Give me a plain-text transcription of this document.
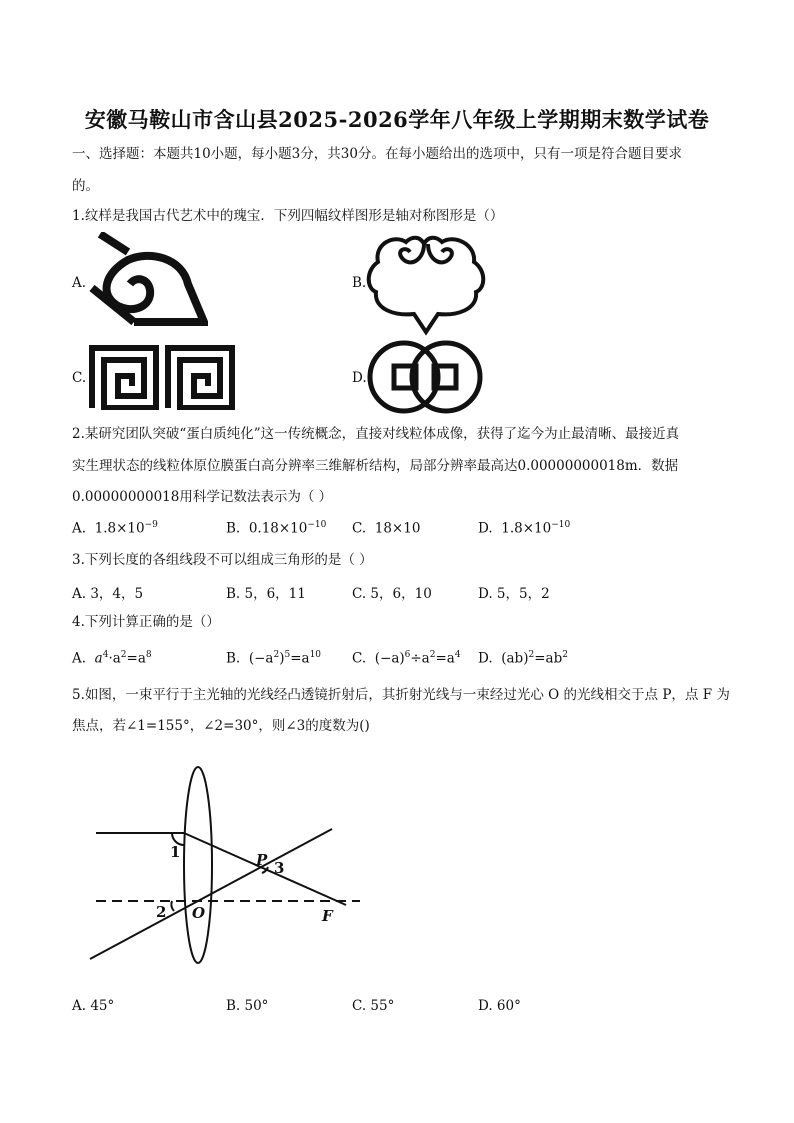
安徽马鞍山市含山县2025-2026学年八年级上学期期末数学试卷
一、选择题：本题共10小题，每小题3分，共30分。在每小题给出的选项中，只有一项是符合题目要求
的。
1.纹样是我国古代艺术中的瑰宝．下列四幅纹样图形是轴对称图形是（）
A.	B.
C.	D.
2.某研究团队突破“蛋白质纯化”这一传统概念，直接对线粒体成像，获得了迄今为止最清晰、最接近真
实生理状态的线粒体原位膜蛋白高分辨率三维解析结构，局部分辨率最高达0.00000000018m．数据
0.00000000018用科学记数法表示为（ ）
A. $1.8\times 10^{-9}$	B. $0.18\times 10^{-10}$ C. 18×10	D. $1.8\times 10^{-10}$
3.下列长度的各组线段不可以组成三角形的是（ ）
A. 3，4，5	B. 5，6，11	C. 5，6，10	D. 5，5，2
4.下列计算正确的是（）
A. $a^4\cdot a^2=a^8$	B. $(-a^2)^5=a^{10}$ C. $(-a)^6\div a^2=a^4$ D. $(ab)^2=ab^2$
5.如图，一束平行于主光轴的光线经凸透镜折射后，其折射光线与一束经过光心 O 的光线相交于点 P，点 F 为
焦点，若∠1=155°，∠2=30°，则∠3的度数为()
1
2
3
O
P
F
A. 45°	B. 50°	C. 55°	D. 60°
